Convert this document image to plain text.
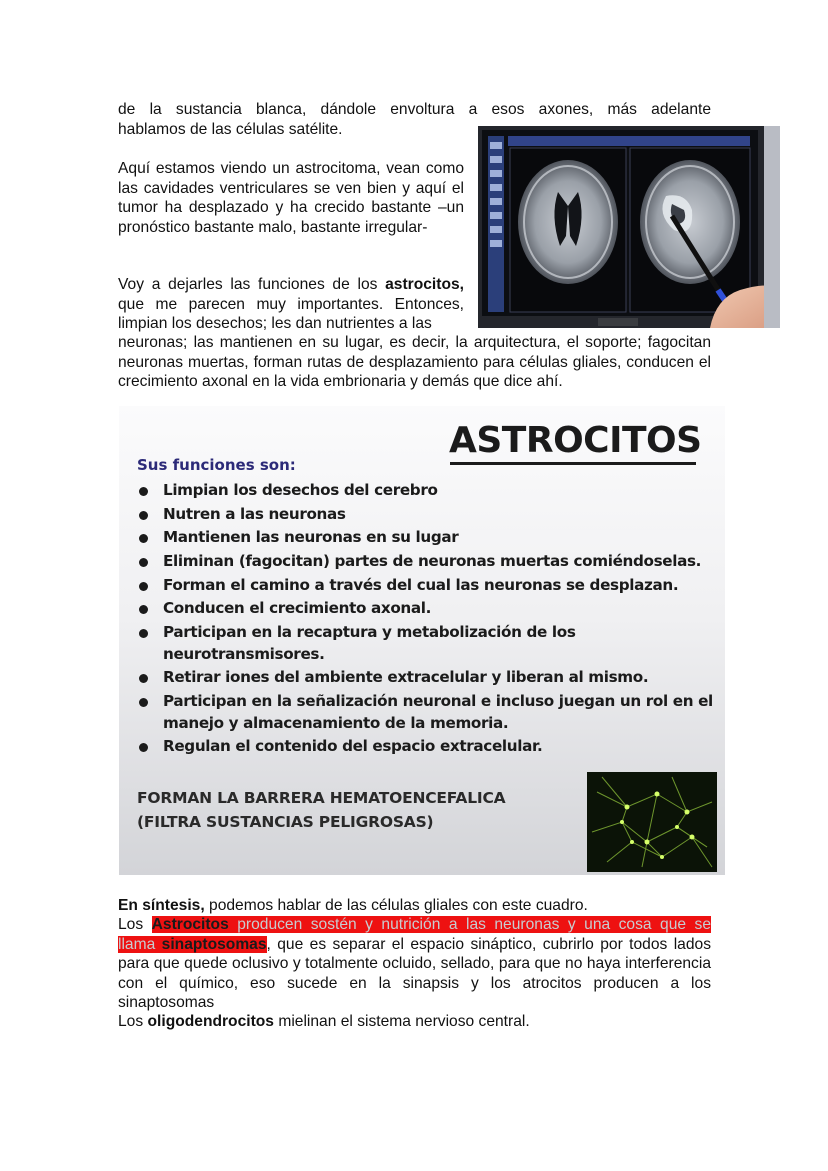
de la sustancia blanca, dándole envoltura a esos axones, más adelante
hablamos de las células satélite.
Aquí estamos viendo un astrocitoma, vean como las cavidades ventriculares se ven bien y aquí el tumor ha desplazado y ha crecido bastante –un pronóstico bastante malo, bastante irregular-
Voy a dejarles las funciones de los astrocitos,
que me parecen muy importantes. Entonces, limpian los desechos; les dan nutrientes a las
neuronas; las mantienen en su lugar, es decir, la arquitectura, el soporte; fagocitan neuronas muertas, forman rutas de desplazamiento para células gliales, conducen el crecimiento axonal en la vida embrionaria y demás que dice ahí.
ASTROCITOS
Sus funciones son:
Limpian los desechos del cerebro
Nutren a las neuronas
Mantienen las neuronas en su lugar
Eliminan (fagocitan) partes de neuronas muertas comiéndoselas.
Forman el camino a través del cual las neuronas se desplazan.
Conducen el crecimiento axonal.
Participan en la recaptura y metabolización de los neurotransmisores.
Retirar iones del ambiente extracelular y liberan al mismo.
Participan en la señalización neuronal e incluso juegan un rol en el manejo y almacenamiento de la memoria.
Regulan el contenido del espacio extracelular.
FORMAN LA BARRERA HEMATOENCEFALICA
(FILTRA SUSTANCIAS PELIGROSAS)
En síntesis, podemos hablar de las células gliales con este cuadro.
Los Astrocitos producen sostén y nutrición a las neuronas y una cosa que se
llama sinaptosomas, que es separar el espacio sináptico, cubrirlo por todos lados para que quede oclusivo y totalmente ocluido, sellado, para que no haya interferencia con el químico, eso sucede en la sinapsis y los atrocitos producen a los sinaptosomas
Los oligodendrocitos mielinan el sistema nervioso central.
